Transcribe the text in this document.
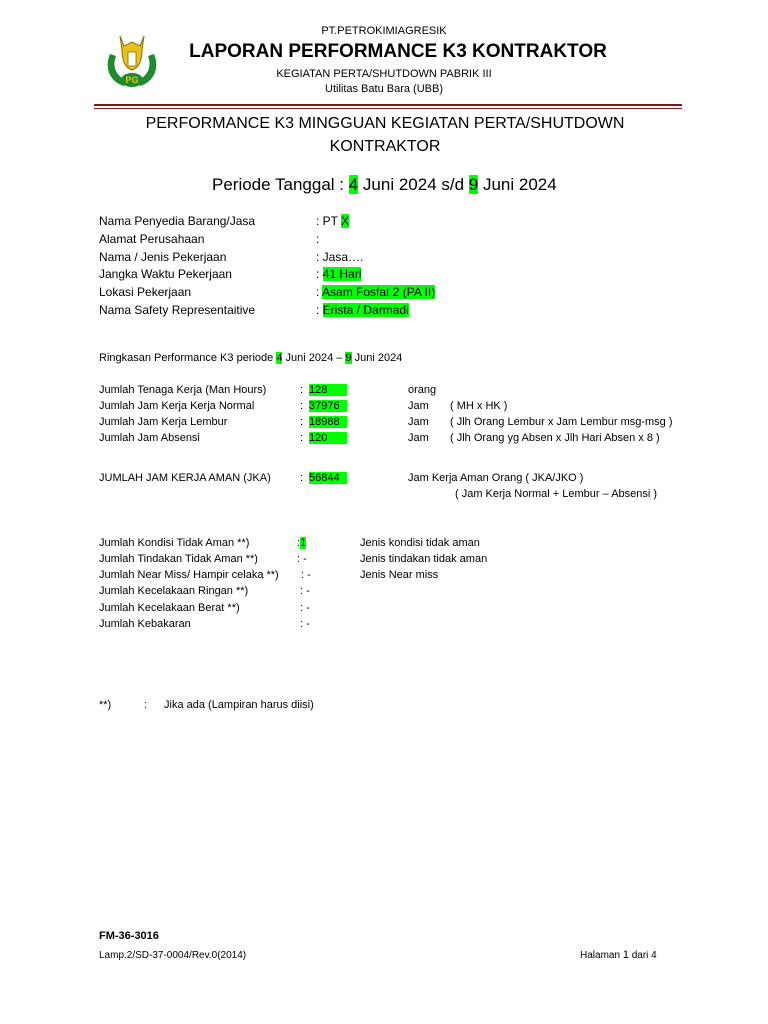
PG
PT.PETROKIMIAGRESIK
LAPORAN PERFORMANCE K3 KONTRAKTOR
KEGIATAN PERTA/SHUTDOWN PABRIK III
Utilitas Batu Bara (UBB)
PERFORMANCE K3 MINGGUAN KEGIATAN PERTA/SHUTDOWN
KONTRAKTOR
Periode Tanggal : 4 Juni 2024 s/d 9 Juni 2024
Nama Penyedia Barang/Jasa	: PT X
Alamat Perusahaan	:
Nama / Jenis Pekerjaan	: Jasa….
Jangka Waktu Pekerjaan	: 41 Hari
Lokasi Pekerjaan	: Asam Fosfat 2 (PA II)
Nama Safety Representaitive	: Erista / Darmadi
Ringkasan Performance K3 periode 4 Juni 2024 – 9 Juni 2024
Jumlah Tenaga Kerja (Man Hours)	: 128	orang
Jumlah Jam Kerja Kerja Normal	: 37976	Jam ( MH x HK )
Jumlah Jam Kerja Lembur	: 18988	Jam ( Jlh Orang Lembur x Jam Lembur msg-msg )
Jumlah Jam Absensi	: 120	Jam ( Jlh Orang yg Absen x Jlh Hari Absen x 8 )
JUMLAH JAM KERJA AMAN (JKA)	: 56844	Jam Kerja Aman Orang ( JKA/JKO )
( Jam Kerja Normal + Lembur – Absensi )
Jumlah Kondisi Tidak Aman **)	:1	Jenis kondisi tidak aman
Jumlah Tindakan Tidak Aman **)	: -	Jenis tindakan tidak aman
Jumlah Near Miss/ Hampir celaka **) : -	Jenis Near miss
Jumlah Kecelakaan Ringan **)	: -
Jumlah Kecelakaan Berat **)	: -
Jumlah Kebakaran	: -
**)	: Jika ada (Lampiran harus diisi)
FM-36-3016
Lamp.2/SD-37-0004/Rev.0(2014)	Halaman 1 dari 4
